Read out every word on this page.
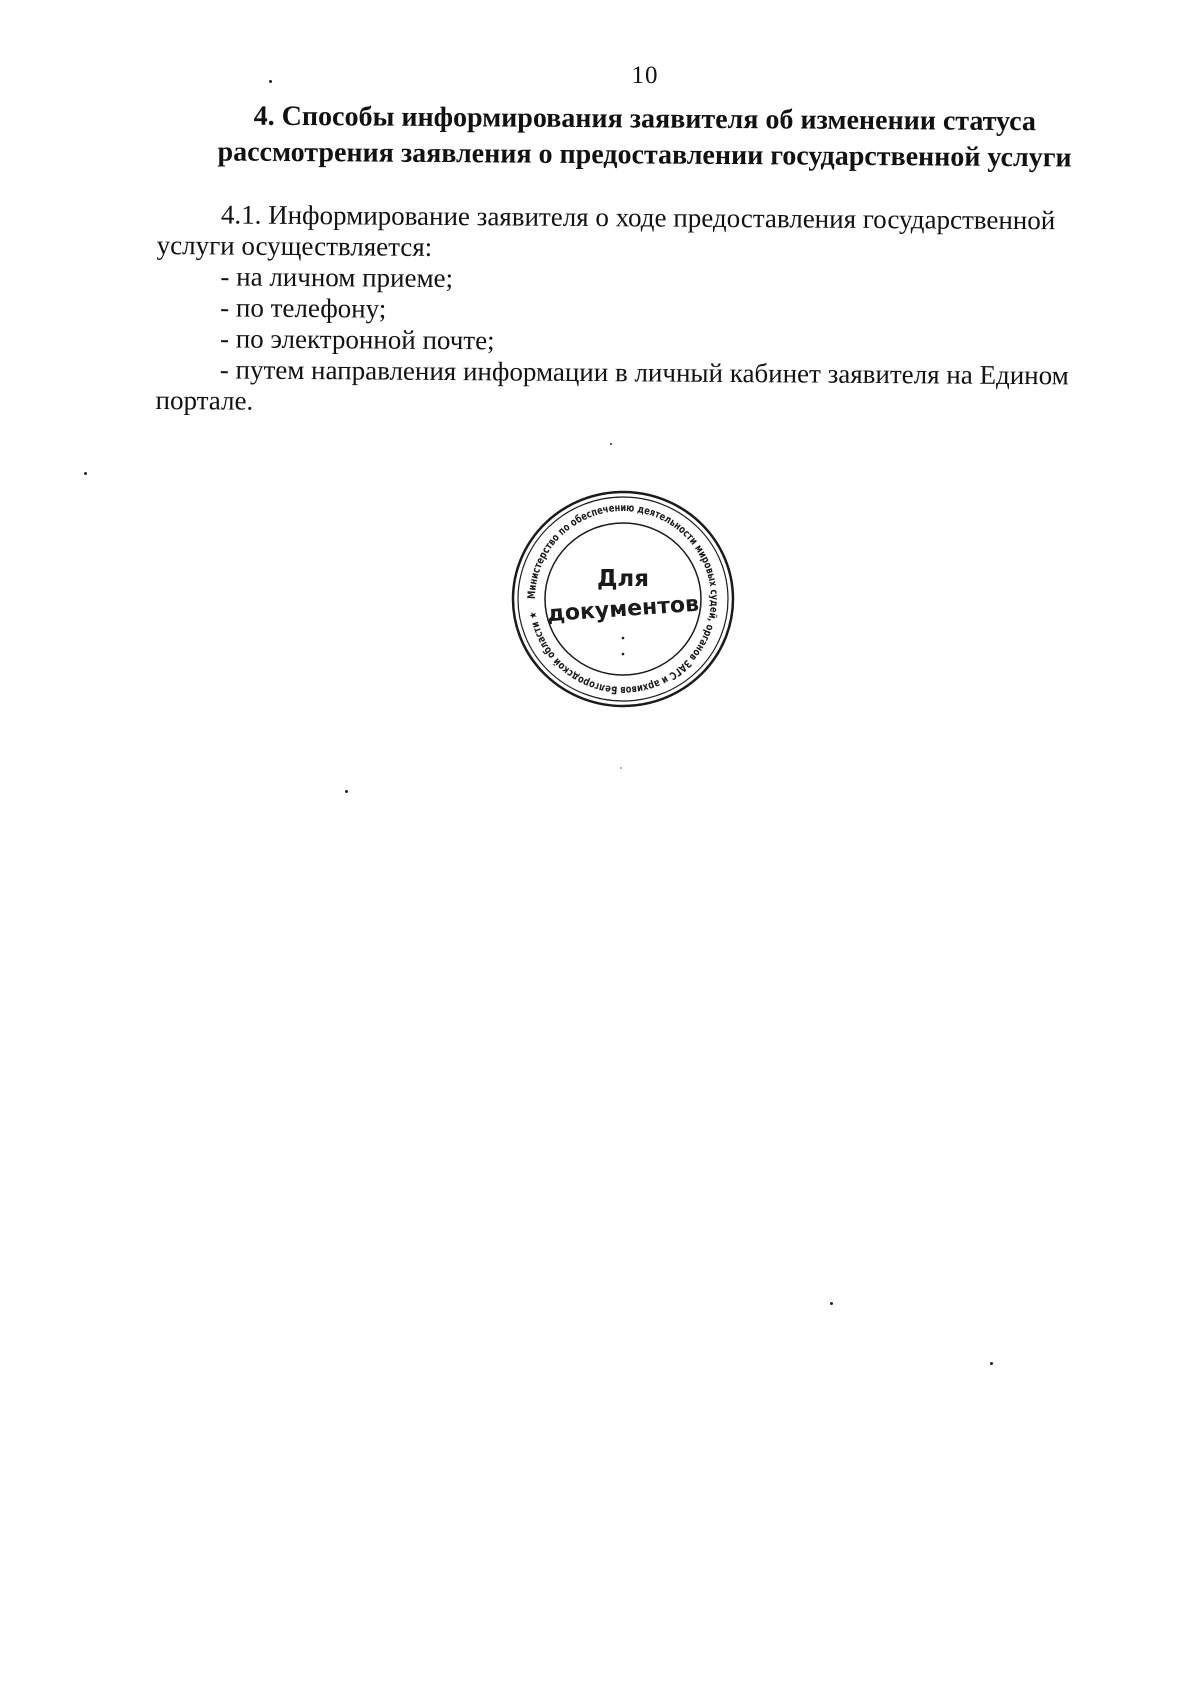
10
4. Способы информирования заявителя об изменении статуса
рассмотрения заявления о предоставлении государственной услуги

4.1. Информирование заявителя о ходе предоставления государственной
услуги осуществляется:

- на личном приеме;

- по телефону;

- по электронной почте;

- путем направления информации в личный кабинет заявителя на Едином
портале.

Министерство по обеспечению деятельности мировых судей, органов ЗАГС и архивов Белгородской области ★
Для
документов
